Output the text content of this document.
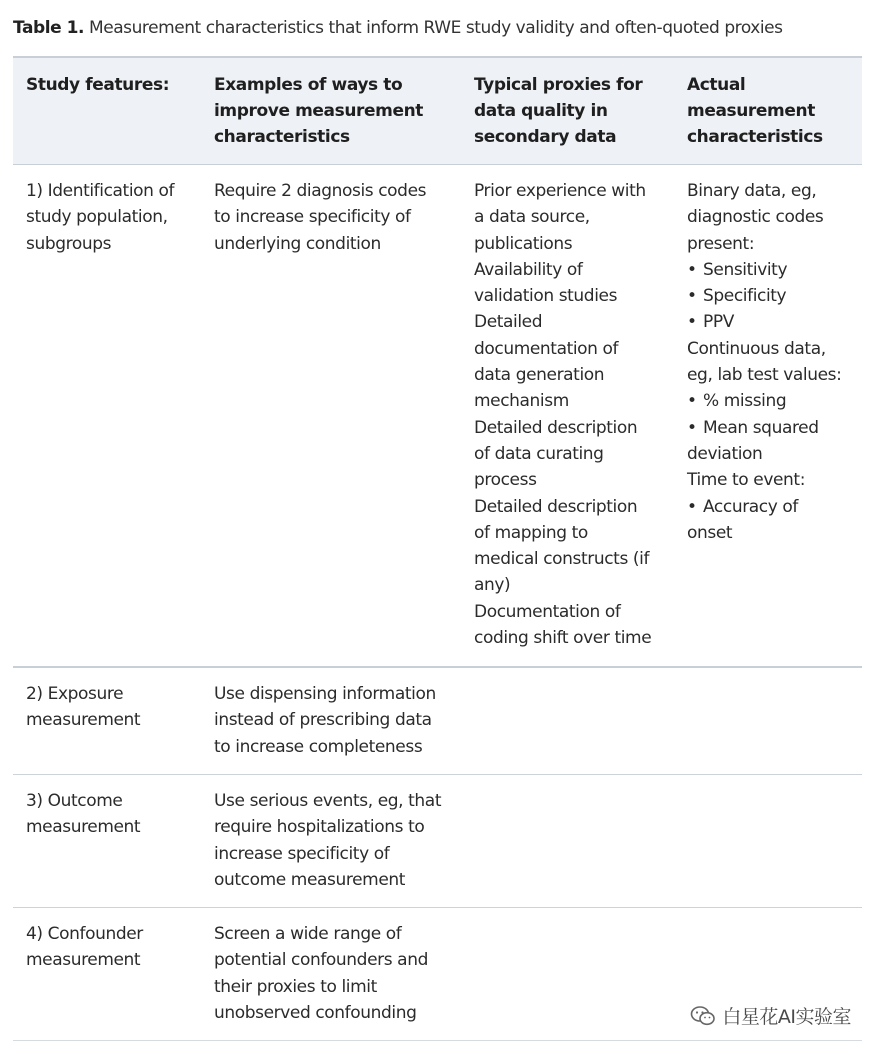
Table 1. Measurement characteristics that inform RWE study validity and often-quoted proxies
Study features:	Examples of ways to
improve measurement
characteristics
Typical proxies for
data quality in
secondary data
Actual
measurement
characteristics
1) Identification of
study population,
subgroups
Require 2 diagnosis codes
to increase specificity of
underlying condition
Prior experience with
a data source,
publications
Availability of
validation studies
Detailed
documentation of
data generation
mechanism
Detailed description
of data curating
process
Detailed description
of mapping to
medical constructs (if
any)
Documentation of
coding shift over time
Binary data, eg,
diagnostic codes
present:
• Sensitivity
• Specificity
• PPV
Continuous data,
eg, lab test values:
• % missing
• Mean squared
deviation
Time to event:
• Accuracy of
onset
2) Exposure
measurement
Use dispensing information
instead of prescribing data
to increase completeness
3) Outcome
measurement
Use serious events, eg, that
require hospitalizations to
increase specificity of
outcome measurement
4) Confounder
measurement
Screen a wide range of
potential confounders and
their proxies to limit
unobserved confounding	白星花AI实验室
